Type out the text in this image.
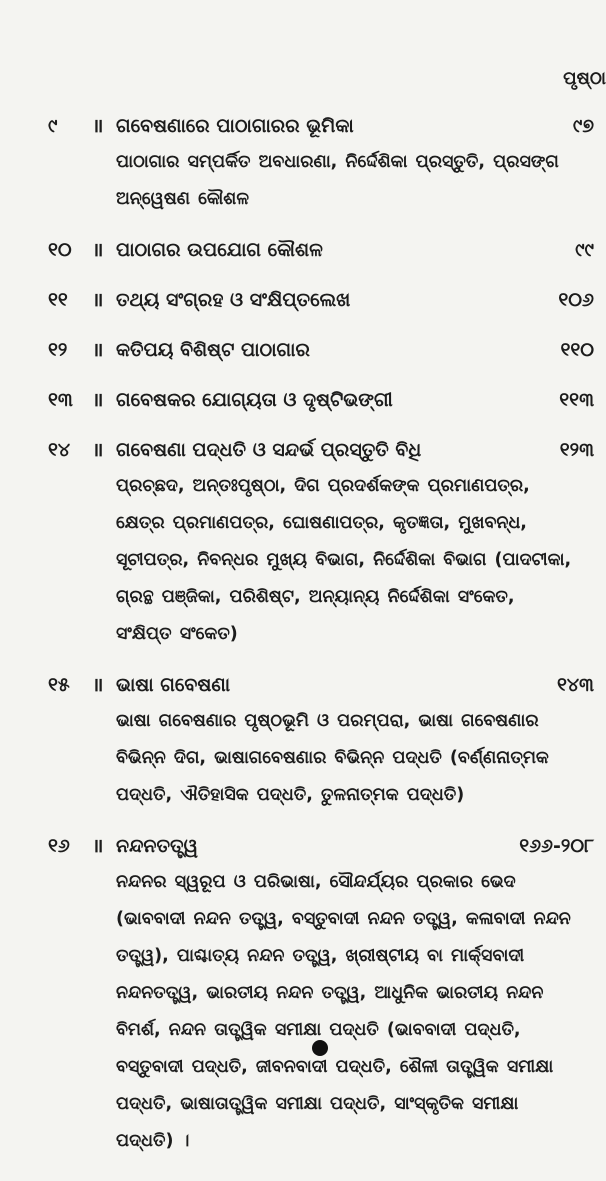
ପୃଷ୍ଠା
୯ ॥ ଗବେଷଣାରେ ପାଠାଗାରର ଭୂମିକା	୯୭
ପାଠାଗାର ସମ୍ପର୍କିତ ଅବଧାରଣା, ନିର୍ଦ୍ଦେଶିକା ପ୍ରସ୍ତୁତି, ପ୍ରସଙ୍ଗ ଅନ୍ୱେଷଣ କୌଶଳ
୧୦ ॥ ପାଠାଗର ଉପଯୋଗ କୌଶଳ	୯୯
୧୧ ॥ ତଥ୍ୟ ସଂଗ୍ରହ ଓ ସଂକ୍ଷିପ୍ତଲେଖ	୧୦୬
୧୨ ॥ କତିପୟ ବିଶିଷ୍ଟ ପାଠାଗାର	୧୧୦
୧୩ ॥ ଗବେଷକର ଯୋଗ୍ୟତା ଓ ଦୃଷ୍ଟିଭଙ୍ଗୀ	୧୧୩
୧୪ ॥ ଗବେଷଣା ପଦ୍ଧତି ଓ ସନ୍ଦର୍ଭ ପ୍ରସ୍ତୁତି ବିଧି	୧୨୩
ପ୍ରଚ୍ଛଦ, ଅନ୍ତଃପୃଷ୍ଠା, ଦିଗ ପ୍ରଦର୍ଶକଙ୍କ ପ୍ରମାଣପତ୍ର, କ୍ଷେତ୍ର ପ୍ରମାଣପତ୍ର, ଘୋଷଣାପତ୍ର, କୃତଜ୍ଞତା, ମୁଖବନ୍ଧ, ସୂଚୀପତ୍ର, ନିବନ୍ଧର ମୁଖ୍ୟ ବିଭାଗ, ନିର୍ଦ୍ଦେଶିକା ବିଭାଗ (ପାଦଟୀକା, ଗ୍ରନ୍ଥ ପଞ୍ଜିକା, ପରିଶିଷ୍ଟ, ଅନ୍ୟାନ୍ୟ ନିର୍ଦ୍ଦେଶିକା ସଂକେତ, ସଂକ୍ଷିପ୍ତ ସଂକେତ)
୧୫ ॥ ଭାଷା ଗବେଷଣା	୧୪୩
ଭାଷା ଗବେଷଣାର ପୃଷ୍ଠଭୂମି ଓ ପରମ୍ପରା, ଭାଷା ଗବେଷଣାର ବିଭିନ୍ନ ଦିଗ, ଭାଷାଗବେଷଣାର ବିଭିନ୍ନ ପଦ୍ଧତି (ବର୍ଣ୍ଣନାତ୍ମକ ପଦ୍ଧତି, ଐତିହାସିକ ପଦ୍ଧତି, ତୁଳନାତ୍ମକ ପଦ୍ଧତି)
୧୬ ॥ ନନ୍ଦନତତ୍ତ୍ୱ	୧୬୬-୨୦୮
ନନ୍ଦନର ସ୍ୱରୂପ ଓ ପରିଭାଷା, ସୌନ୍ଦର୍ଯ୍ୟର ପ୍ରକାର ଭେଦ (ଭାବବାଦୀ ନନ୍ଦନ ତତ୍ତ୍ୱ, ବସ୍ତୁବାଦୀ ନନ୍ଦନ ତତ୍ତ୍ୱ, କଳାବାଦୀ ନନ୍ଦନ ତତ୍ତ୍ୱ), ପାଶ୍ଚାତ୍ୟ ନନ୍ଦନ ତତ୍ତ୍ୱ, ଖ୍ରୀଷ୍ଟୀୟ ବା ମାର୍କ୍ସବାଦୀ ନନ୍ଦନତତ୍ତ୍ୱ, ଭାରତୀୟ ନନ୍ଦନ ତତ୍ତ୍ୱ, ଆଧୁନିକ ଭାରତୀୟ ନନ୍ଦନ ବିମର୍ଶ, ନନ୍ଦନ ତାତ୍ତ୍ୱିକ ସମୀକ୍ଷା ପଦ୍ଧତି (ଭାବବାଦୀ ପଦ୍ଧତି, ବସ୍ତୁବାଦୀ ପଦ୍ଧତି, ଜୀବନବାଦୀ ପଦ୍ଧତି, ଶୈଳୀ ତାତ୍ତ୍ୱିକ ସମୀକ୍ଷା ପଦ୍ଧତି, ଭାଷାତାତ୍ତ୍ୱିକ ସମୀକ୍ଷା ପଦ୍ଧତି, ସାଂସ୍କୃତିକ ସମୀକ୍ଷା ପଦ୍ଧତି) ।
